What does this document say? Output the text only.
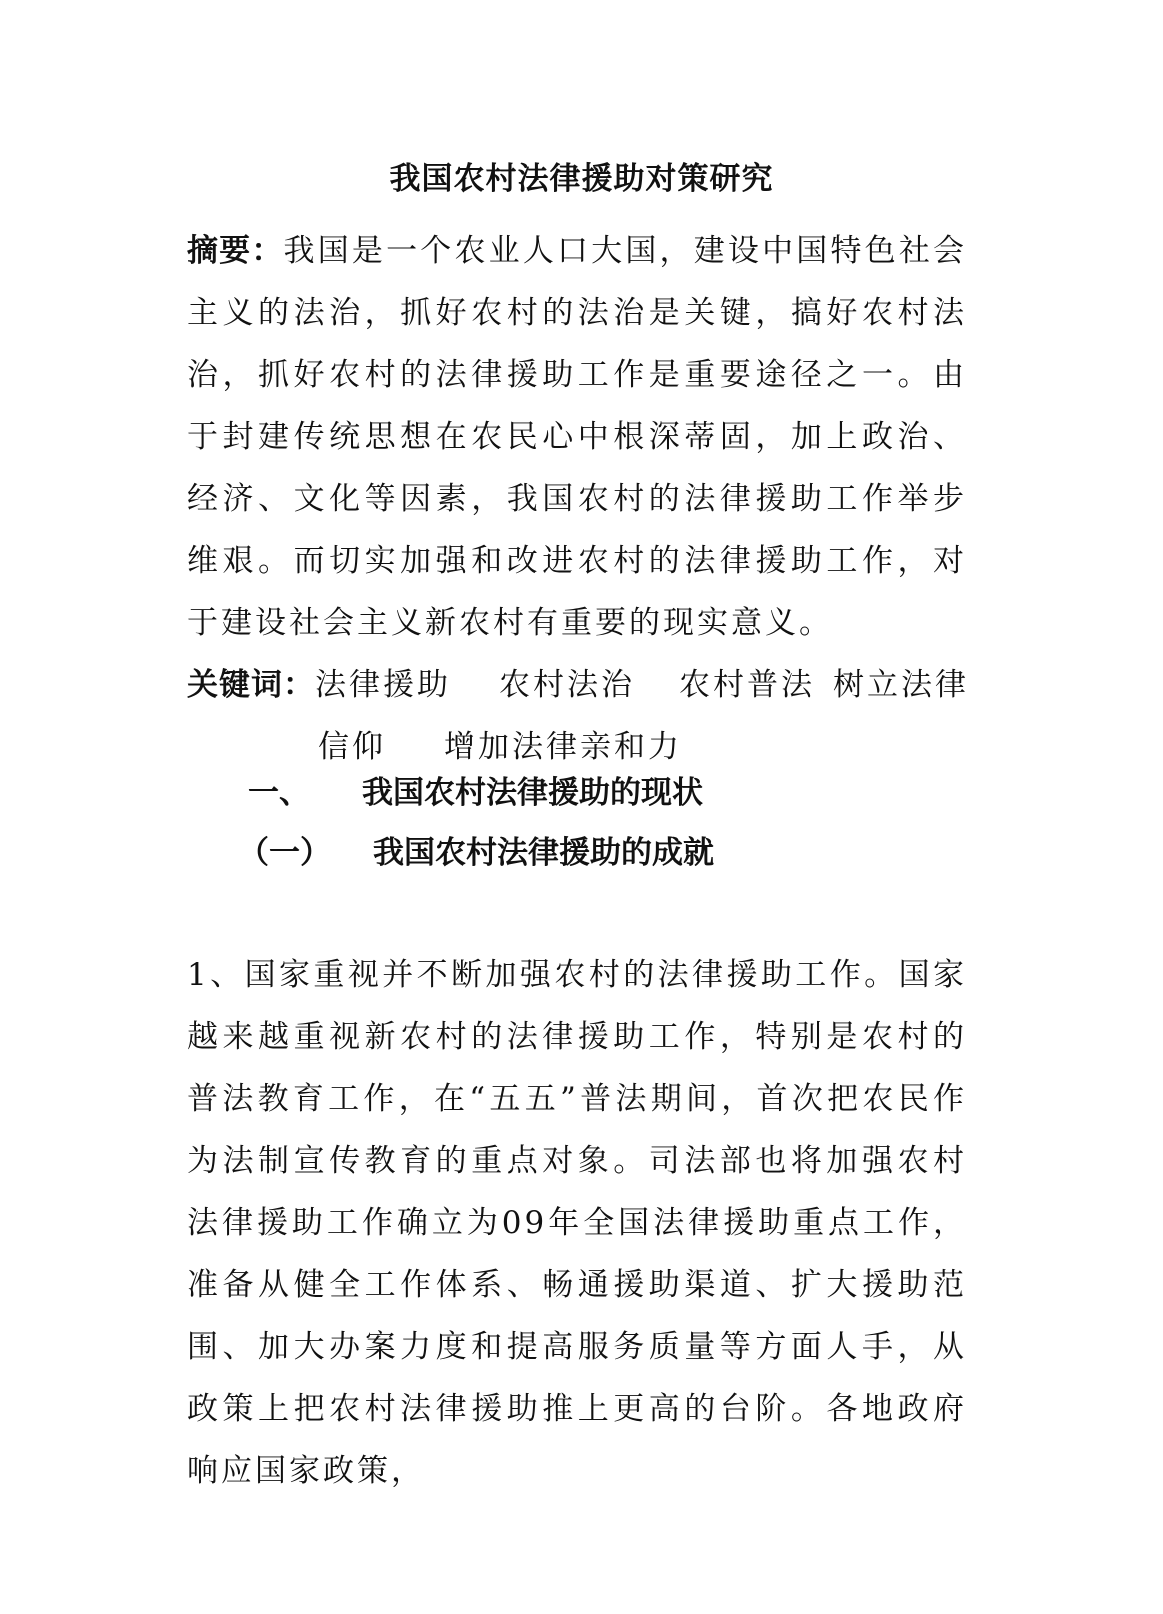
我国农村法律援助对策研究
摘要：我国是一个农业人口大国，建设中国特色社会主义的法治，抓好农村的法治是关键，搞好农村法治，抓好农村的法律援助工作是重要途径之一。由于封建传统思想在农民心中根深蒂固，加上政治、经济、文化等因素，我国农村的法律援助工作举步维艰。而切实加强和改进农村的法律援助工作，对于建设社会主义新农村有重要的现实意义。
关键词：法律援助 农村法治 农村普法 树立法律
信仰 增加法律亲和力
一、 我国农村法律援助的现状
（一） 我国农村法律援助的成就
1、国家重视并不断加强农村的法律援助工作。国家越来越重视新农村的法律援助工作，特别是农村的普法教育工作，在“五五”普法期间，首次把农民作为法制宣传教育的重点对象。司法部也将加强农村法律援助工作确立为09年全国法律援助重点工作，准备从健全工作体系、畅通援助渠道、扩大援助范围、加大办案力度和提高服务质量等方面人手，从政策上把农村法律援助推上更高的台阶。各地政府响应国家政策，
